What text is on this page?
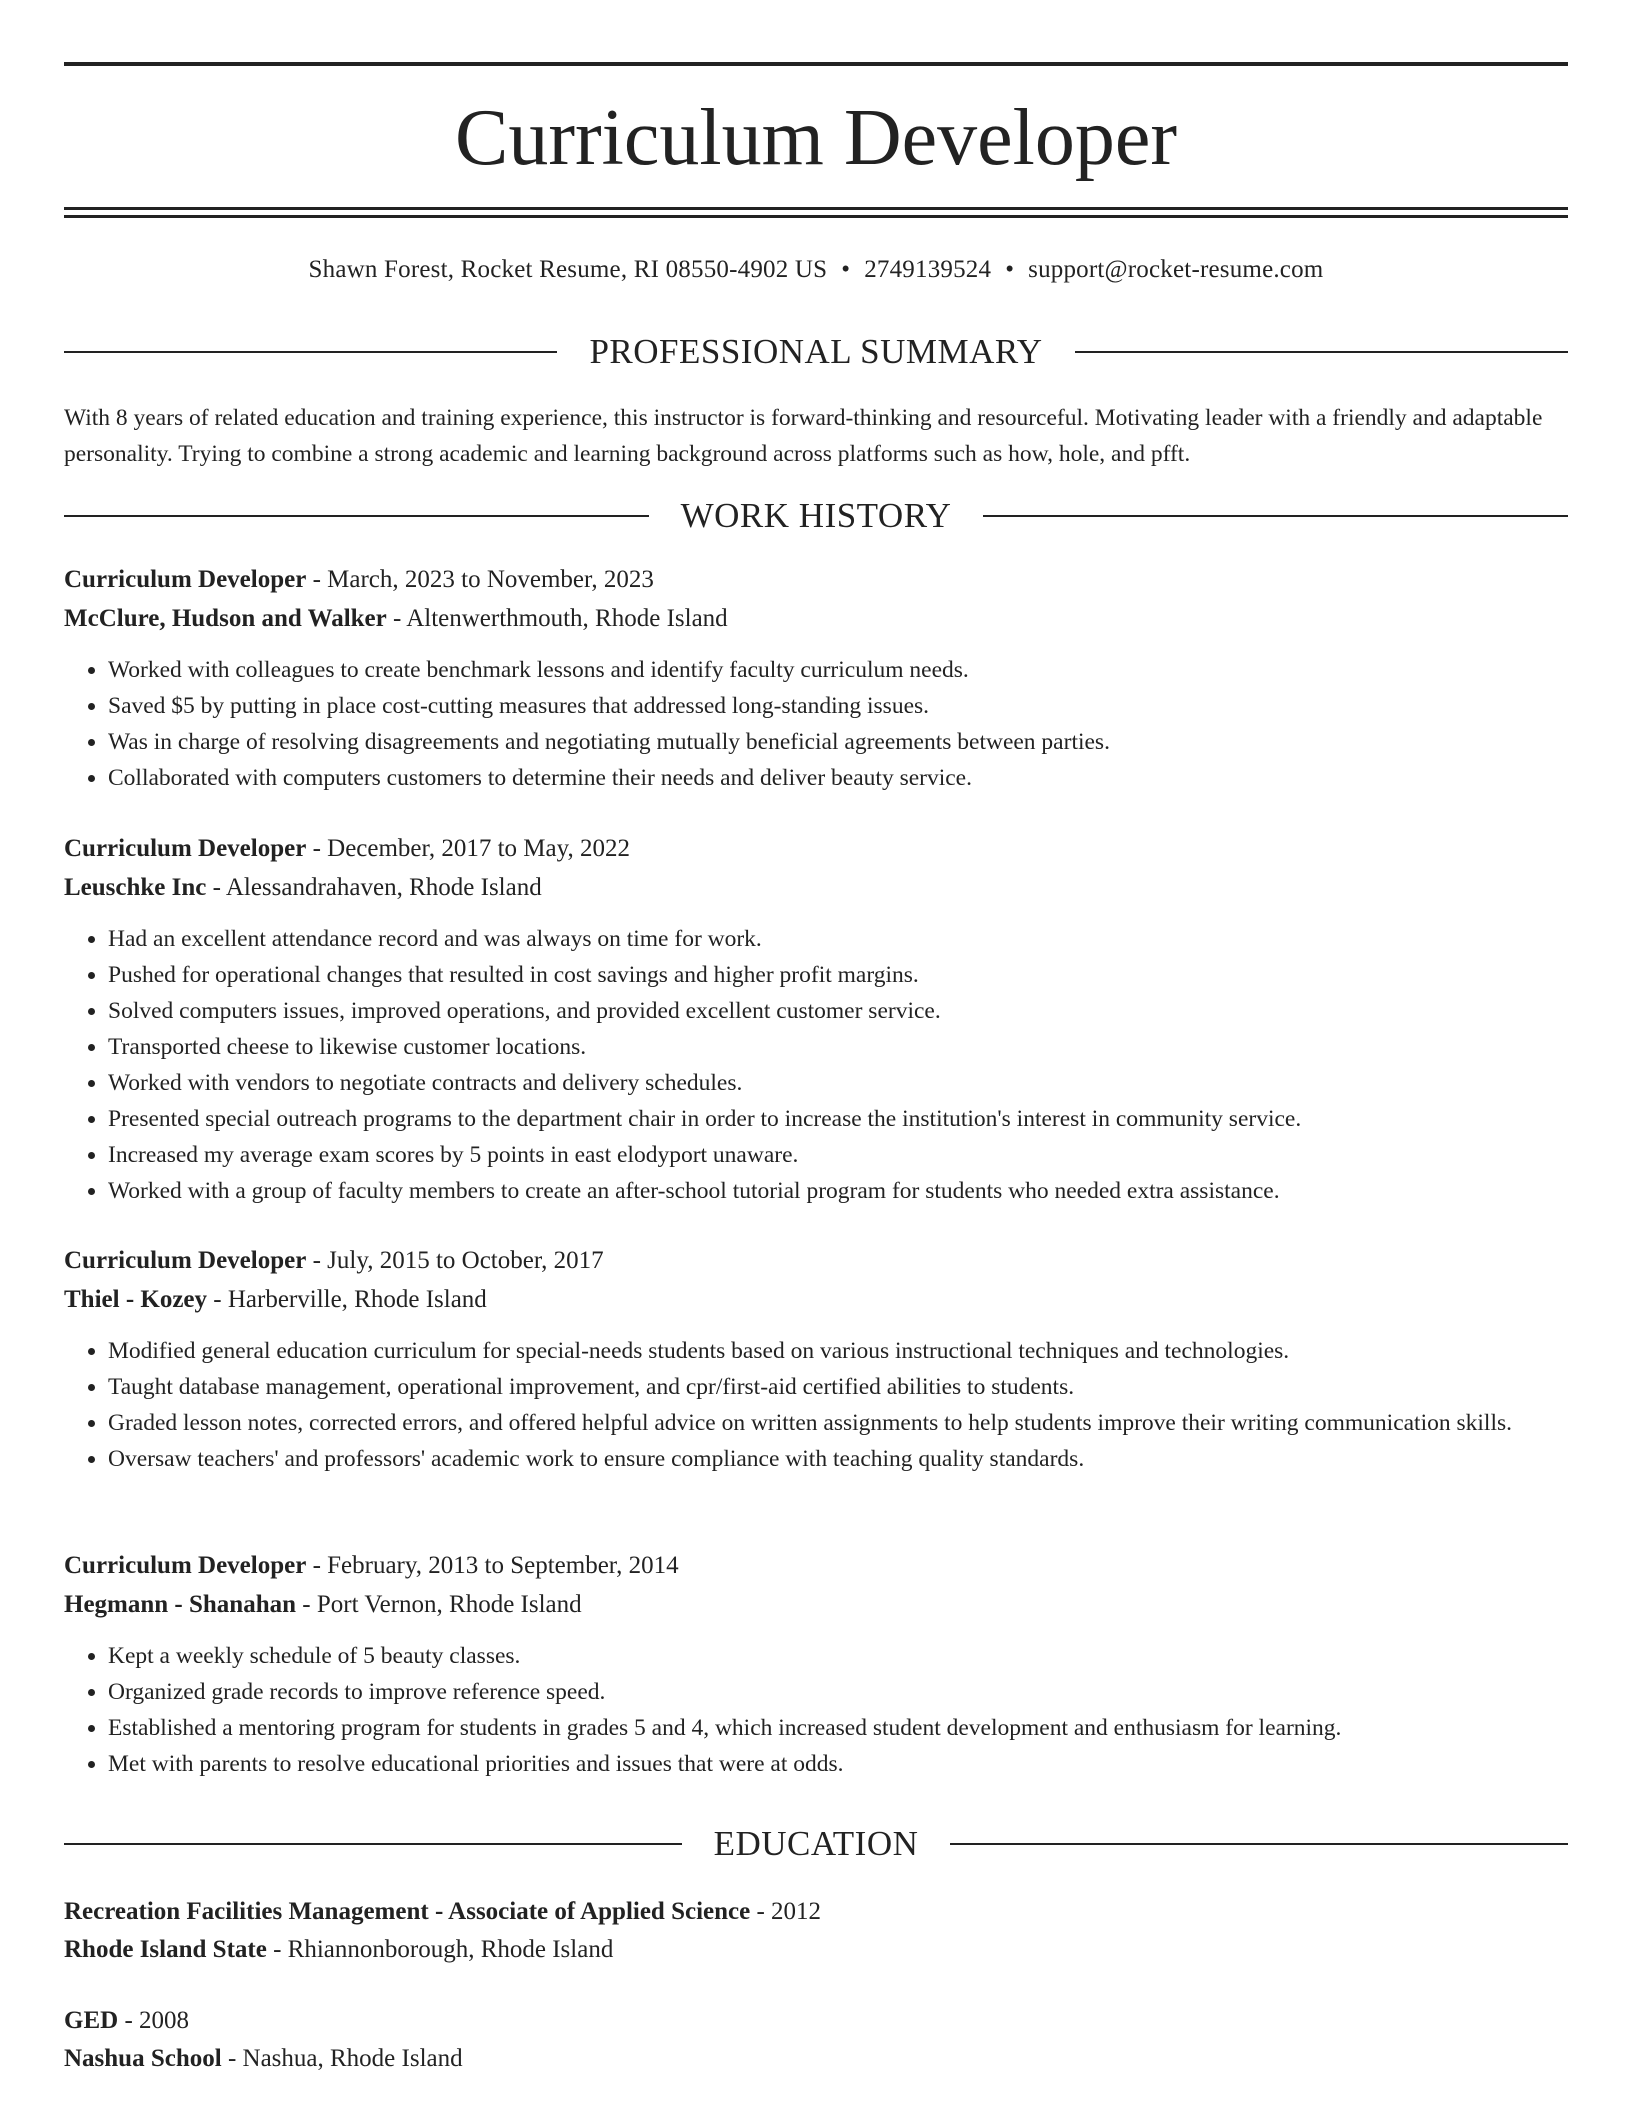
Curriculum Developer
Shawn Forest, Rocket Resume, RI 08550-4902 US • 2749139524 • support@rocket-resume.com
PROFESSIONAL SUMMARY

With 8 years of related education and training experience, this instructor is forward-thinking and resourceful. Motivating leader with a friendly and adaptable personality. Trying to combine a strong academic and learning background across platforms such as how, hole, and pfft.

WORK HISTORY
Curriculum Developer - March, 2023 to November, 2023
McClure, Hudson and Walker - Altenwerthmouth, Rhode Island
• Worked with colleagues to create benchmark lessons and identify faculty curriculum needs.
• Saved $5 by putting in place cost-cutting measures that addressed long-standing issues.
• Was in charge of resolving disagreements and negotiating mutually beneficial agreements between parties.
• Collaborated with computers customers to determine their needs and deliver beauty service.
Curriculum Developer - December, 2017 to May, 2022
Leuschke Inc - Alessandrahaven, Rhode Island
• Had an excellent attendance record and was always on time for work.
• Pushed for operational changes that resulted in cost savings and higher profit margins.
• Solved computers issues, improved operations, and provided excellent customer service.
• Transported cheese to likewise customer locations.
• Worked with vendors to negotiate contracts and delivery schedules.
• Presented special outreach programs to the department chair in order to increase the institution's interest in community service.
• Increased my average exam scores by 5 points in east elodyport unaware.
• Worked with a group of faculty members to create an after-school tutorial program for students who needed extra assistance.
Curriculum Developer - July, 2015 to October, 2017
Thiel - Kozey - Harberville, Rhode Island
• Modified general education curriculum for special-needs students based on various instructional techniques and technologies.
• Taught database management, operational improvement, and cpr/first-aid certified abilities to students.
• Graded lesson notes, corrected errors, and offered helpful advice on written assignments to help students improve their writing communication skills.
• Oversaw teachers' and professors' academic work to ensure compliance with teaching quality standards.
Curriculum Developer - February, 2013 to September, 2014
Hegmann - Shanahan - Port Vernon, Rhode Island
• Kept a weekly schedule of 5 beauty classes.
• Organized grade records to improve reference speed.
• Established a mentoring program for students in grades 5 and 4, which increased student development and enthusiasm for learning.
• Met with parents to resolve educational priorities and issues that were at odds.
EDUCATION
Recreation Facilities Management - Associate of Applied Science - 2012
Rhode Island State - Rhiannonborough, Rhode Island
GED - 2008
Nashua School - Nashua, Rhode Island
